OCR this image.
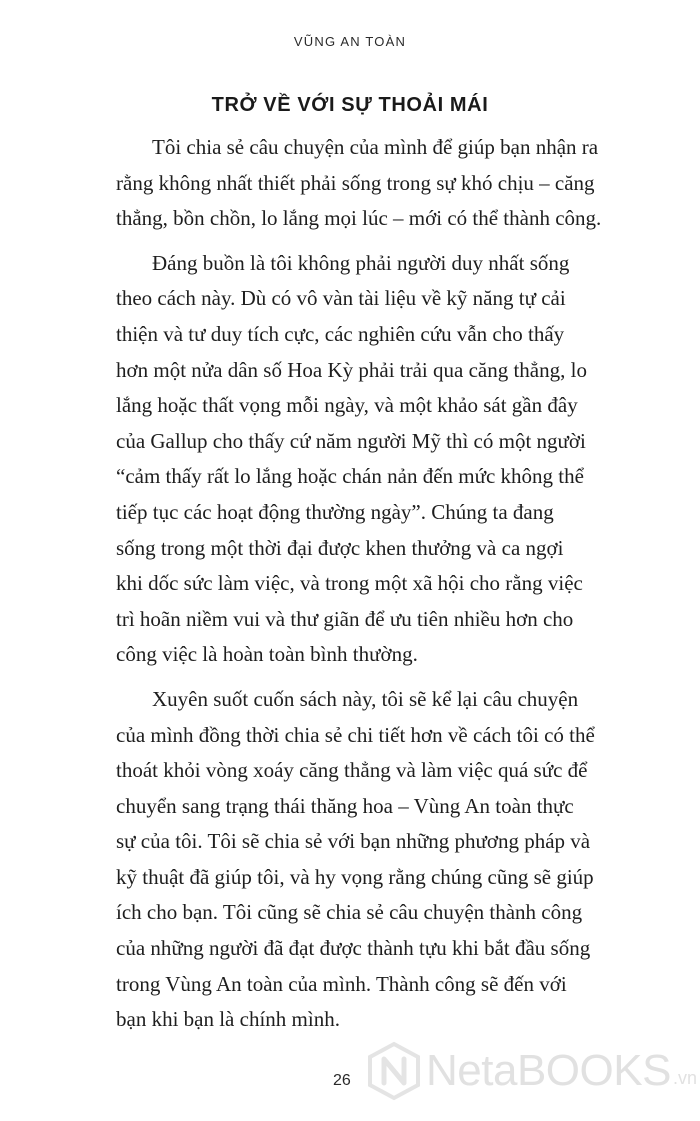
VŨNG AN TOÀN
TRỞ VỀ VỚI SỰ THOẢI MÁI
Tôi chia sẻ câu chuyện của mình để giúp bạn nhận ra
rằng không nhất thiết phải sống trong sự khó chịu – căng
thẳng, bồn chồn, lo lắng mọi lúc – mới có thể thành công.
Đáng buồn là tôi không phải người duy nhất sống
theo cách này. Dù có vô vàn tài liệu về kỹ năng tự cải
thiện và tư duy tích cực, các nghiên cứu vẫn cho thấy
hơn một nửa dân số Hoa Kỳ phải trải qua căng thẳng, lo
lắng hoặc thất vọng mỗi ngày, và một khảo sát gần đây
của Gallup cho thấy cứ năm người Mỹ thì có một người
“cảm thấy rất lo lắng hoặc chán nản đến mức không thể
tiếp tục các hoạt động thường ngày”. Chúng ta đang
sống trong một thời đại được khen thưởng và ca ngợi
khi dốc sức làm việc, và trong một xã hội cho rằng việc
trì hoãn niềm vui và thư giãn để ưu tiên nhiều hơn cho
công việc là hoàn toàn bình thường.
Xuyên suốt cuốn sách này, tôi sẽ kể lại câu chuyện
của mình đồng thời chia sẻ chi tiết hơn về cách tôi có thể
thoát khỏi vòng xoáy căng thẳng và làm việc quá sức để
chuyển sang trạng thái thăng hoa – Vùng An toàn thực
sự của tôi. Tôi sẽ chia sẻ với bạn những phương pháp và
kỹ thuật đã giúp tôi, và hy vọng rằng chúng cũng sẽ giúp
ích cho bạn. Tôi cũng sẽ chia sẻ câu chuyện thành công
của những người đã đạt được thành tựu khi bắt đầu sống
trong Vùng An toàn của mình. Thành công sẽ đến với
bạn khi bạn là chính mình.
26 NetaBOOKS .vn
